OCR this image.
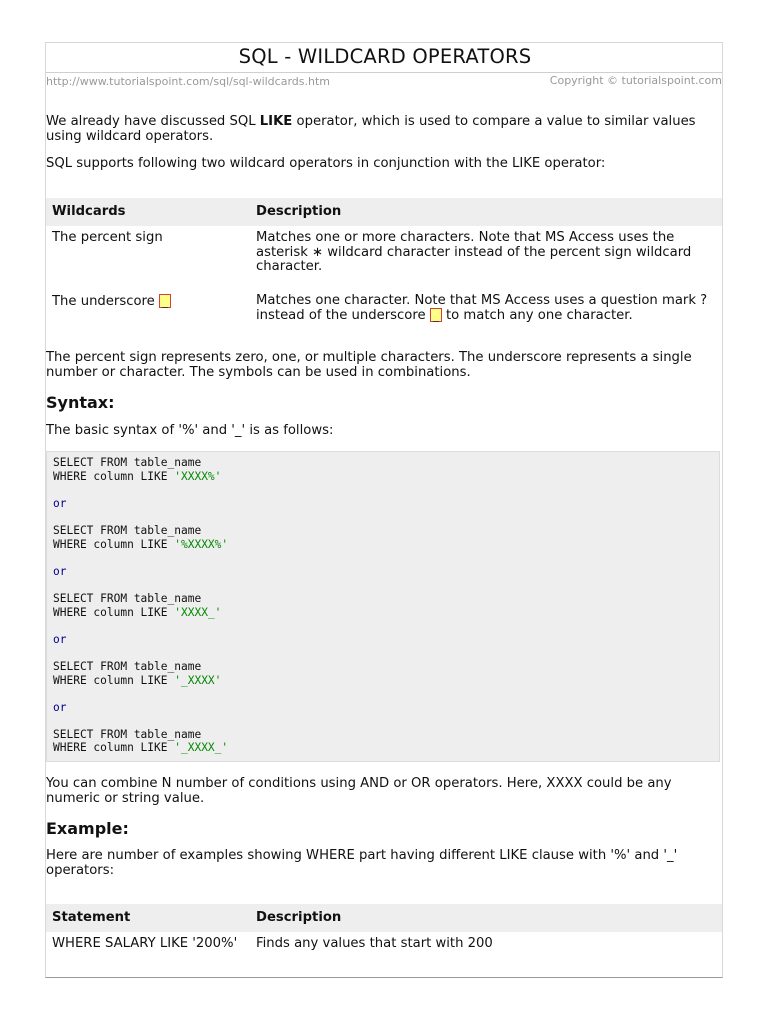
SQL - WILDCARD OPERATORS
http://www.tutorialspoint.com/sql/sql-wildcards.htm	Copyright © tutorialspoint.com

We already have discussed SQL LIKE operator, which is used to compare a value to similar values using wildcard operators.

SQL supports following two wildcard operators in conjunction with the LIKE operator:

Wildcards	Description
The percent sign	Matches one or more characters. Note that MS Access uses the asterisk ∗ wildcard character instead of the percent sign wildcard character.
The underscore _	Matches one character. Note that MS Access uses a question mark ? instead of the underscore _ to match any one character.

The percent sign represents zero, one, or multiple characters. The underscore represents a single number or character. The symbols can be used in combinations.

Syntax:

The basic syntax of '%' and '_' is as follows:

SELECT FROM table_name
WHERE column LIKE 'XXXX%'
or
SELECT FROM table_name
WHERE column LIKE '%XXXX%'
or
SELECT FROM table_name
WHERE column LIKE 'XXXX_'
or
SELECT FROM table_name
WHERE column LIKE '_XXXX'
or
SELECT FROM table_name
WHERE column LIKE '_XXXX_'

You can combine N number of conditions using AND or OR operators. Here, XXXX could be any numeric or string value.

Example:

Here are number of examples showing WHERE part having different LIKE clause with '%' and '_' operators:

Statement	Description
WHERE SALARY LIKE '200%'	Finds any values that start with 200
